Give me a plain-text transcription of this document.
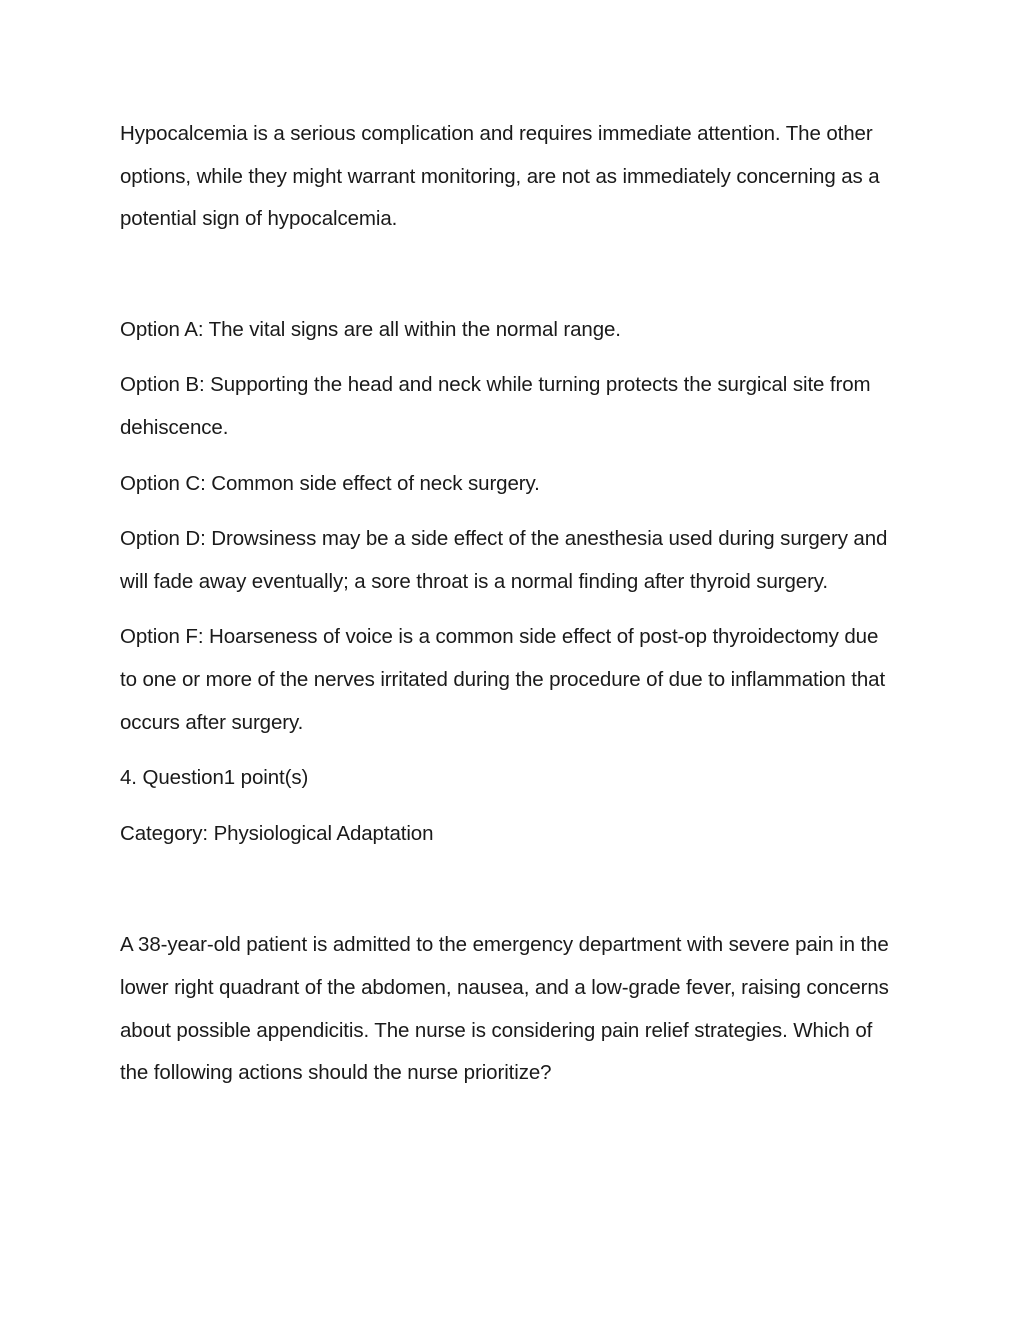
Hypocalcemia is a serious complication and requires immediate attention. The other options, while they might warrant monitoring, are not as immediately concerning as a potential sign of hypocalcemia.

Option A: The vital signs are all within the normal range.

Option B: Supporting the head and neck while turning protects the surgical site from dehiscence.

Option C: Common side effect of neck surgery.

Option D: Drowsiness may be a side effect of the anesthesia used during surgery and will fade away eventually; a sore throat is a normal finding after thyroid surgery.

Option F: Hoarseness of voice is a common side effect of post-op thyroidectomy due to one or more of the nerves irritated during the procedure of due to inflammation that occurs after surgery.

4. Question1 point(s)

Category: Physiological Adaptation

A 38-year-old patient is admitted to the emergency department with severe pain in the lower right quadrant of the abdomen, nausea, and a low-grade fever, raising concerns about possible appendicitis. The nurse is considering pain relief strategies. Which of the following actions should the nurse prioritize?
